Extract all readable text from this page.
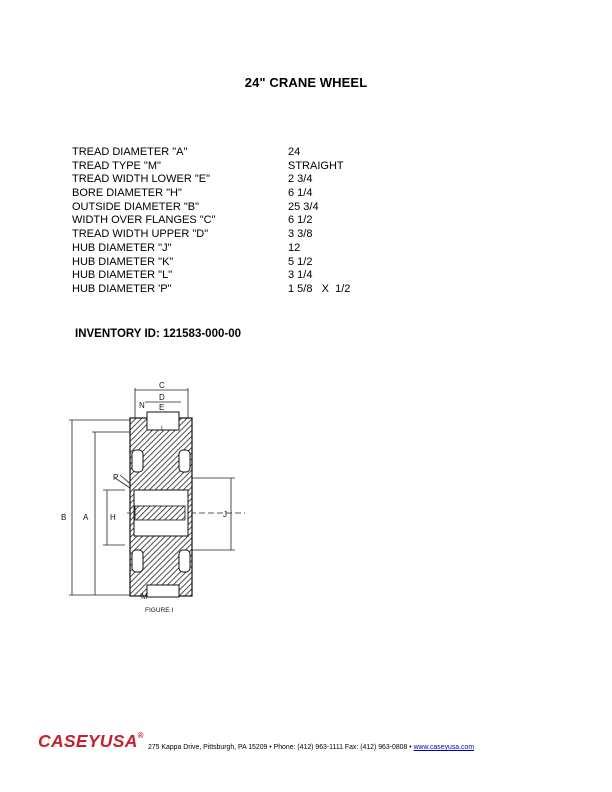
24" CRANE WHEEL
TREAD DIAMETER "A"	24
TREAD TYPE "M"	STRAIGHT
TREAD WIDTH LOWER "E"	2 3/4
BORE DIAMETER "H"	6 1/4
OUTSIDE DIAMETER "B"	25 3/4
WIDTH OVER FLANGES "C"	6 1/2
TREAD WIDTH UPPER "D"	3 3/8
HUB DIAMETER "J"	12
HUB DIAMETER "K"	5 1/2
HUB DIAMETER "L"	3 1/4
HUB DIAMETER 'P"	1 5/8   X  1/2
INVENTORY ID: 121583-000-00
C
D
N E
I
P
B A	H	J
M
FIGURE I
CASEYUSA®
275 Kappa Drive, Pittsburgh, PA 15209 • Phone: (412) 963-1111 Fax: (412) 963-0808 • www.caseyusa.com
